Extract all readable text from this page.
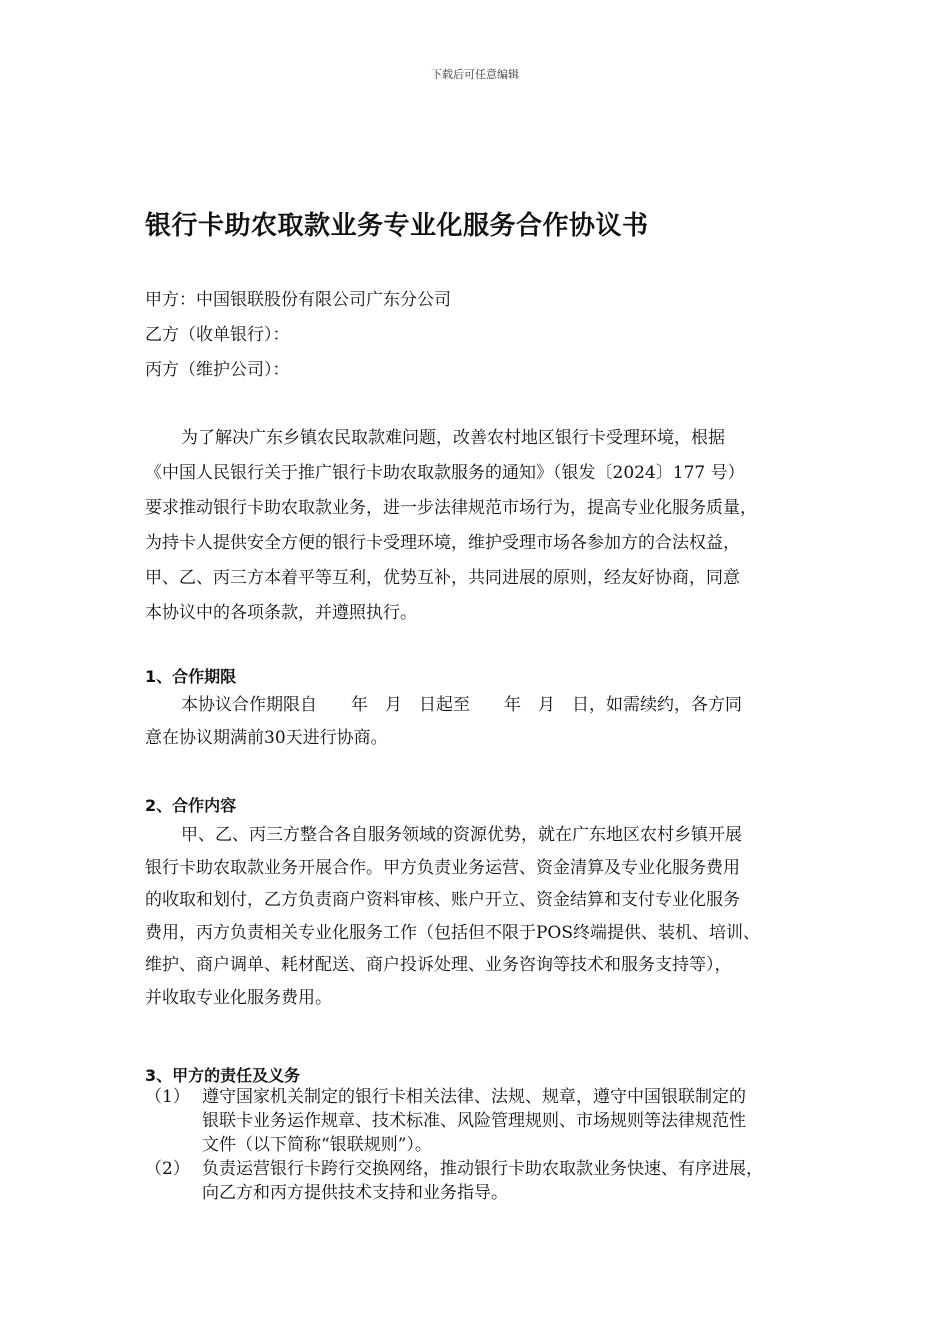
下载后可任意编辑
银行卡助农取款业务专业化服务合作协议书
甲方：中国银联股份有限公司广东分公司
乙方（收单银行）：
丙方（维护公司）：
为了解决广东乡镇农民取款难问题，改善农村地区银行卡受理环境，根据
《中国人民银行关于推广银行卡助农取款服务的通知》（银发〔2024〕177 号）
要求推动银行卡助农取款业务，进一步法律规范市场行为，提高专业化服务质量，
为持卡人提供安全方便的银行卡受理环境，维护受理市场各参加方的合法权益，
甲、乙、丙三方本着平等互利，优势互补，共同进展的原则，经友好协商，同意
本协议中的各项条款，并遵照执行。
1、合作期限
本协议合作期限自　　年　月　日起至　　年　月　日，如需续约，各方同
意在协议期满前30天进行协商。
2、合作内容
甲、乙、丙三方整合各自服务领域的资源优势，就在广东地区农村乡镇开展
银行卡助农取款业务开展合作。甲方负责业务运营、资金清算及专业化服务费用
的收取和划付，乙方负责商户资料审核、账户开立、资金结算和支付专业化服务
费用，丙方负责相关专业化服务工作（包括但不限于POS终端提供、装机、培训、
维护、商户调单、耗材配送、商户投诉处理、业务咨询等技术和服务支持等），
并收取专业化服务费用。
3、甲方的责任及义务
（1） 遵守国家机关制定的银行卡相关法律、法规、规章，遵守中国银联制定的
银联卡业务运作规章、技术标准、风险管理规则、市场规则等法律规范性
文件（以下简称“银联规则”）。
（2） 负责运营银行卡跨行交换网络，推动银行卡助农取款业务快速、有序进展，
向乙方和丙方提供技术支持和业务指导。
